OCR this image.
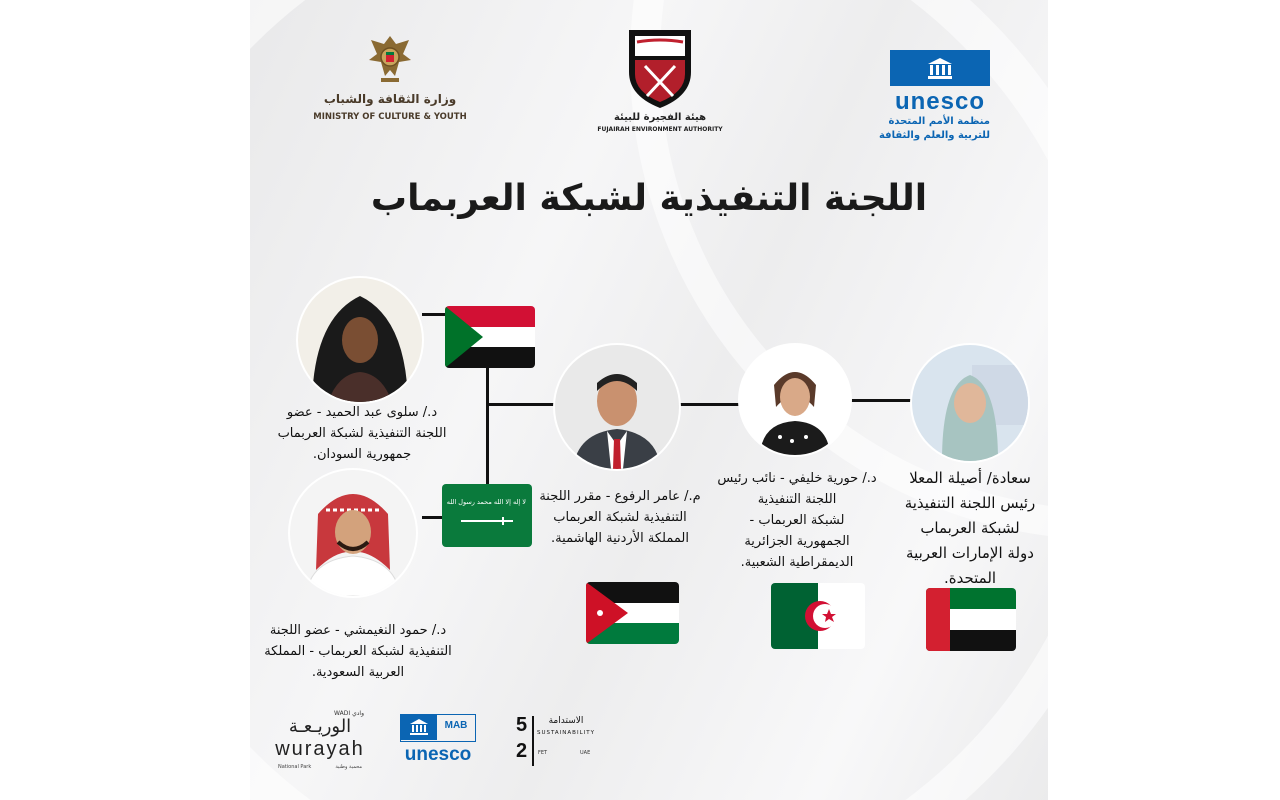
وزارة الثقافة والشباب
MINISTRY OF CULTURE & YOUTH	هيئة الفجيرة للبيئة
FUJAIRAH ENVIRONMENT AUTHORITY
unesco
منظمة الأمم المتحدة
للتربية والعلم والثقافة
اللجنة التنفيذية لشبكة العربماب
سعادة/ أصيلة المعلا
رئيس اللجنة التنفيذية
لشبكة العربماب
دولة الإمارات العربية
المتحدة.
د./ حورية خليفي - نائب رئيس
اللجنة التنفيذية
لشبكة العربماب -
الجمهورية الجزائرية
الديمقراطية الشعبية.
م./ عامر الرفوع - مقرر اللجنة
التنفيذية لشبكة العربماب
المملكة الأردنية الهاشمية.
د./ سلوى عبد الحميد - عضو
اللجنة التنفيذية لشبكة العربماب
جمهورية السودان.
د./ حمود النغيمشي - عضو اللجنة
التنفيذية لشبكة العربماب - المملكة
العربية السعودية.
لا إله إلا الله محمد رسول الله
WADI وادي
الوريـعـة
wurayah
National Park	محمية وطنية
MAB
unesco
5
2
الاستدامة
SUSTAINABILITY
FET	UAE
